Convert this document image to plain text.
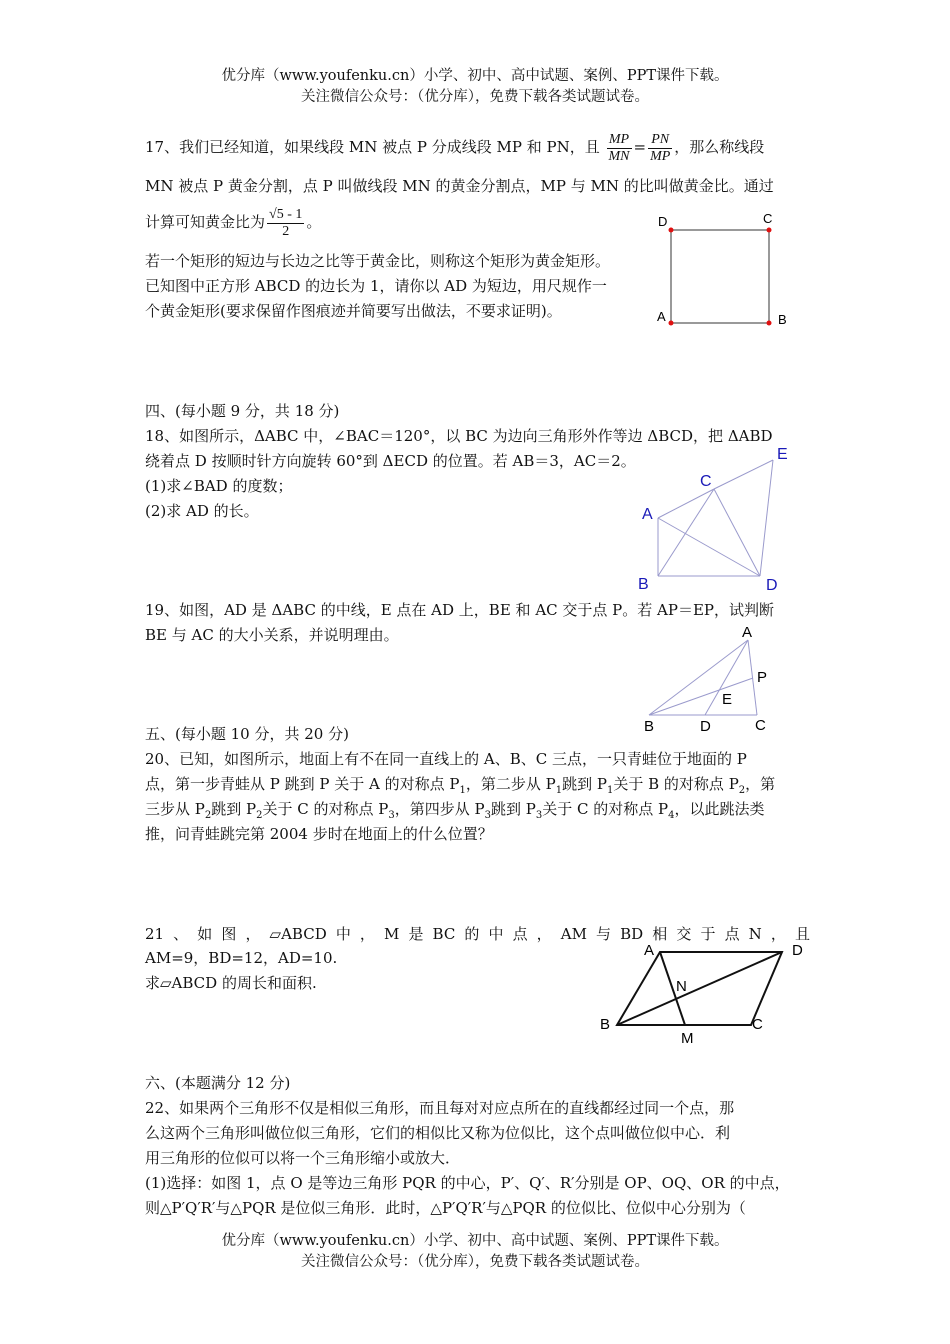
优分库（www.youfenku.cn）小学、初中、高中试题、案例、PPT课件下载。
关注微信公众号：（优分库），免费下载各类试题试卷。
17、我们已经知道，如果线段 MN 被点 P 分成线段 MP 和 PN，且 $\frac{MP}{MN} = \frac{PN}{MP}$ ，那么称线段
MN 被点 P 黄金分割，点 P 叫做线段 MN 的黄金分割点，MP 与 MN 的比叫做黄金比。通过
计算可知黄金比为 $\frac{√5 - 1}{2}$ 。
若一个矩形的短边与长边之比等于黄金比，则称这个矩形为黄金矩形。
已知图中正方形 ABCD 的边长为 1，请你以 AD 为短边，用尺规作一
个黄金矩形(要求保留作图痕迹并简要写出做法，不要求证明)。
D	C
A	B
四、(每小题 9 分，共 18 分)
18、如图所示，ΔABC 中，∠BAC＝120°，以 BC 为边向三角形外作等边 ΔBCD，把 ΔABD
绕着点 D 按顺时针方向旋转 60°到 ΔECD 的位置。若 AB＝3，AC＝2。
(1)求∠BAD 的度数；
(2)求 AD 的长。	A
B
C
D
E
19、如图，AD 是 ΔABC 的中线，E 点在 AD 上，BE 和 AC 交于点 P。若 AP＝EP，试判断
BE 与 AC 的大小关系，并说明理由。	A
B	C
D
E
P
五、(每小题 10 分，共 20 分)
20、已知，如图所示，地面上有不在同一直线上的 A、B、C 三点，一只青蛙位于地面的 P
点，第一步青蛙从 P 跳到 P 关于 A 的对称点 $P_1$，第二步从 $P_1$跳到 $P_1$关于 B 的对称点 $P_2$，第
三步从 $P_2$跳到 $P_2$关于 C 的对称点 $P_3$，第四步从 $P_3$跳到 $P_3$关于 C 的对称点 $P_4$，以此跳法类
推，问青蛙跳完第 2004 步时在地面上的什么位置？
21 、 如 图 ， ▱ABCD 中 ， M 是 BC 的 中 点 ， AM 与 BD 相 交 于 点 N ， 且
AM=9，BD=12，AD=10.
求▱ABCD 的周长和面积.
A	D
B	C
M
N
六、(本题满分 12 分)
22、如果两个三角形不仅是相似三角形，而且每对对应点所在的直线都经过同一个点，那
么这两个三角形叫做位似三角形，它们的相似比又称为位似比，这个点叫做位似中心．利
用三角形的位似可以将一个三角形缩小或放大．
(1)选择：如图 1，点 O 是等边三角形 PQR 的中心，P′、Q′、R′分别是 OP、OQ、OR 的中点，
则△P′Q′R′与△PQR 是位似三角形．此时，△P′Q′R′与△PQR 的位似比、位似中心分别为（
优分库（www.youfenku.cn）小学、初中、高中试题、案例、PPT课件下载。
关注微信公众号：（优分库），免费下载各类试题试卷。
